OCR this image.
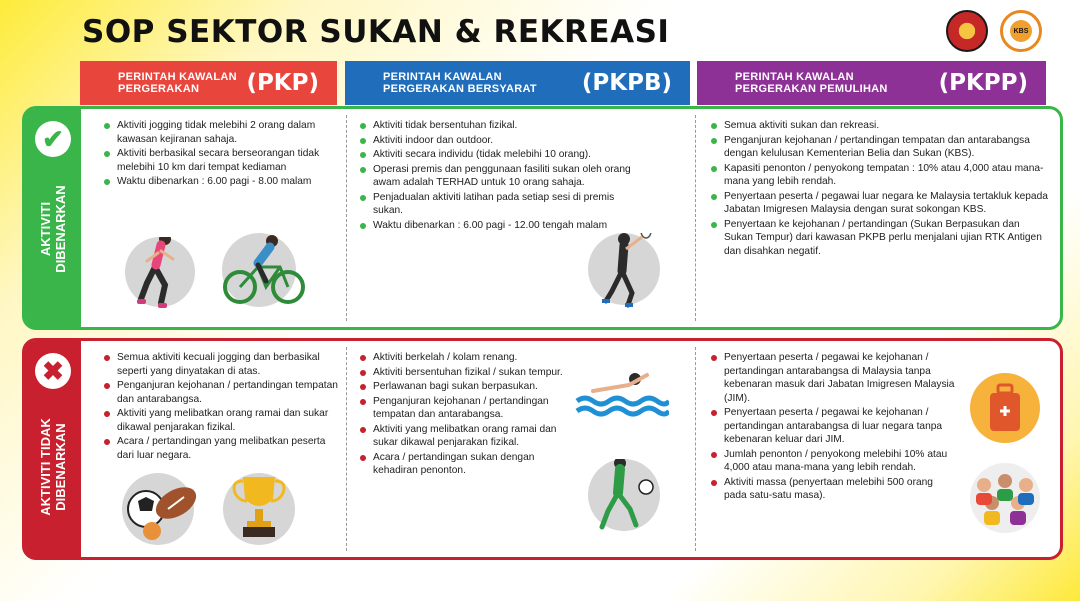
SOP SEKTOR SUKAN & REKREASI	KBS
PERINTAH KAWALAN PERGERAKAN	(PKP)	PERINTAH KAWALAN PERGERAKAN BERSYARAT	(PKPB)	PERINTAH KAWALAN PERGERAKAN PEMULIHAN	(PKPP)
✔
AKTIVITI DIBENARKAN
Aktiviti jogging tidak melebihi 2 orang dalam kawasan kejiranan sahaja.
Aktiviti berbasikal secara berseorangan tidak melebihi 10 km dari tempat kediaman
Waktu dibenarkan : 6.00 pagi - 8.00 malam
Aktiviti tidak bersentuhan fizikal.
Aktiviti indoor dan outdoor.
Aktiviti secara individu (tidak melebihi 10 orang).
Operasi premis dan penggunaan fasiliti sukan oleh orang awam adalah TERHAD untuk 10 orang sahaja.
Penjadualan aktiviti latihan pada setiap sesi di premis sukan.
Waktu dibenarkan : 6.00 pagi - 12.00 tengah malam
Semua aktiviti sukan dan rekreasi.
Penganjuran kejohanan / pertandingan tempatan dan antarabangsa dengan kelulusan Kementerian Belia dan Sukan (KBS).
Kapasiti penonton / penyokong tempatan : 10% atau 4,000 atau mana-mana yang lebih rendah.
Penyertaan peserta / pegawai luar negara ke Malaysia tertakluk kepada Jabatan Imigresen Malaysia dengan surat sokongan KBS.
Penyertaan ke kejohanan / pertandingan (Sukan Berpasukan dan Sukan Tempur) dari kawasan PKPB perlu menjalani ujian RTK Antigen dan disahkan negatif.
✖
AKTIVITI TIDAK DIBENARKAN
Semua aktiviti kecuali jogging dan berbasikal seperti yang dinyatakan di atas.
Penganjuran kejohanan / pertandingan tempatan dan antarabangsa.
Aktiviti yang melibatkan orang ramai dan sukar dikawal penjarakan fizikal.
Acara / pertandingan yang melibatkan peserta dari luar negara.
Aktiviti berkelah / kolam renang.
Aktiviti bersentuhan fizikal / sukan tempur.
Perlawanan bagi sukan berpasukan.
Penganjuran kejohanan / pertandingan tempatan dan antarabangsa.
Aktiviti yang melibatkan orang ramai dan sukar dikawal penjarakan fizikal.
Acara / pertandingan sukan dengan kehadiran penonton.
Penyertaan peserta / pegawai ke kejohanan / pertandingan antarabangsa di Malaysia tanpa kebenaran masuk dari Jabatan Imigresen Malaysia (JIM).
Penyertaan peserta / pegawai ke kejohanan / pertandingan antarabangsa di luar negara tanpa kebenaran keluar dari JIM.
Jumlah penonton / penyokong melebihi 10% atau 4,000 atau mana-mana yang lebih rendah.
Aktiviti massa (penyertaan melebihi 500 orang pada satu-satu masa).
